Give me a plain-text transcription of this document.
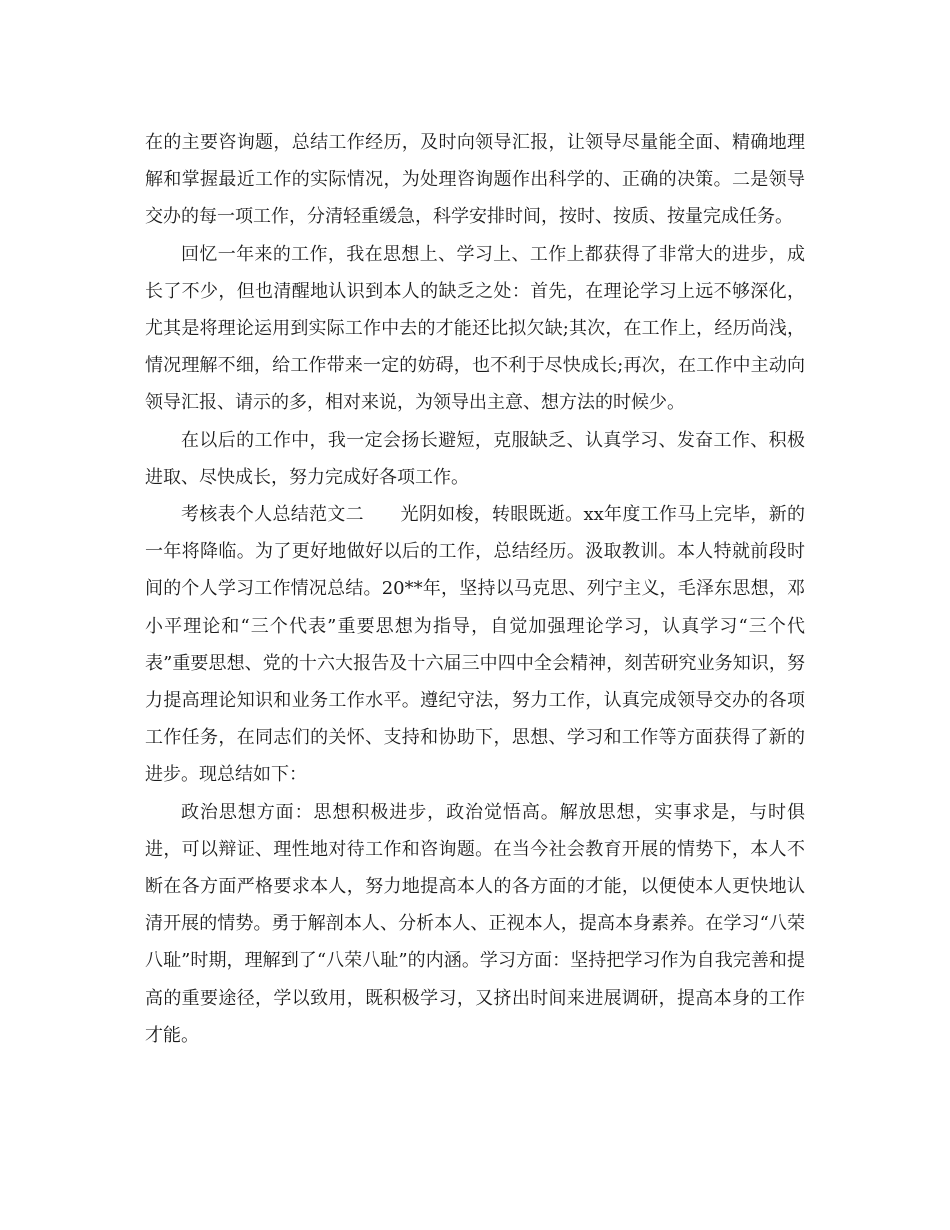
在的主要咨询题，总结工作经历，及时向领导汇报，让领导尽量能全面、精确地理解和掌握最近工作的实际情况，为处理咨询题作出科学的、正确的决策。二是领导交办的每一项工作，分清轻重缓急，科学安排时间，按时、按质、按量完成任务。

回忆一年来的工作，我在思想上、学习上、工作上都获得了非常大的进步，成长了不少，但也清醒地认识到本人的缺乏之处：首先，在理论学习上远不够深化，尤其是将理论运用到实际工作中去的才能还比拟欠缺;其次，在工作上，经历尚浅，情况理解不细，给工作带来一定的妨碍，也不利于尽快成长;再次，在工作中主动向领导汇报、请示的多，相对来说，为领导出主意、想方法的时候少。

在以后的工作中，我一定会扬长避短，克服缺乏、认真学习、发奋工作、积极进取、尽快成长，努力完成好各项工作。

考核表个人总结范文二　　光阴如梭，转眼既逝。xx年度工作马上完毕，新的一年将降临。为了更好地做好以后的工作，总结经历。汲取教训。本人特就前段时间的个人学习工作情况总结。20**年，坚持以马克思、列宁主义，毛泽东思想，邓小平理论和“三个代表”重要思想为指导，自觉加强理论学习，认真学习“三个代表”重要思想、党的十六大报告及十六届三中四中全会精神，刻苦研究业务知识，努力提高理论知识和业务工作水平。遵纪守法，努力工作，认真完成领导交办的各项工作任务，在同志们的关怀、支持和协助下，思想、学习和工作等方面获得了新的进步。现总结如下：

政治思想方面：思想积极进步，政治觉悟高。解放思想，实事求是，与时俱进，可以辩证、理性地对待工作和咨询题。在当今社会教育开展的情势下，本人不断在各方面严格要求本人，努力地提高本人的各方面的才能，以便使本人更快地认清开展的情势。勇于解剖本人、分析本人、正视本人，提高本身素养。在学习“八荣八耻”时期，理解到了“八荣八耻”的内涵。学习方面：坚持把学习作为自我完善和提高的重要途径，学以致用，既积极学习，又挤出时间来进展调研，提高本身的工作才能。
